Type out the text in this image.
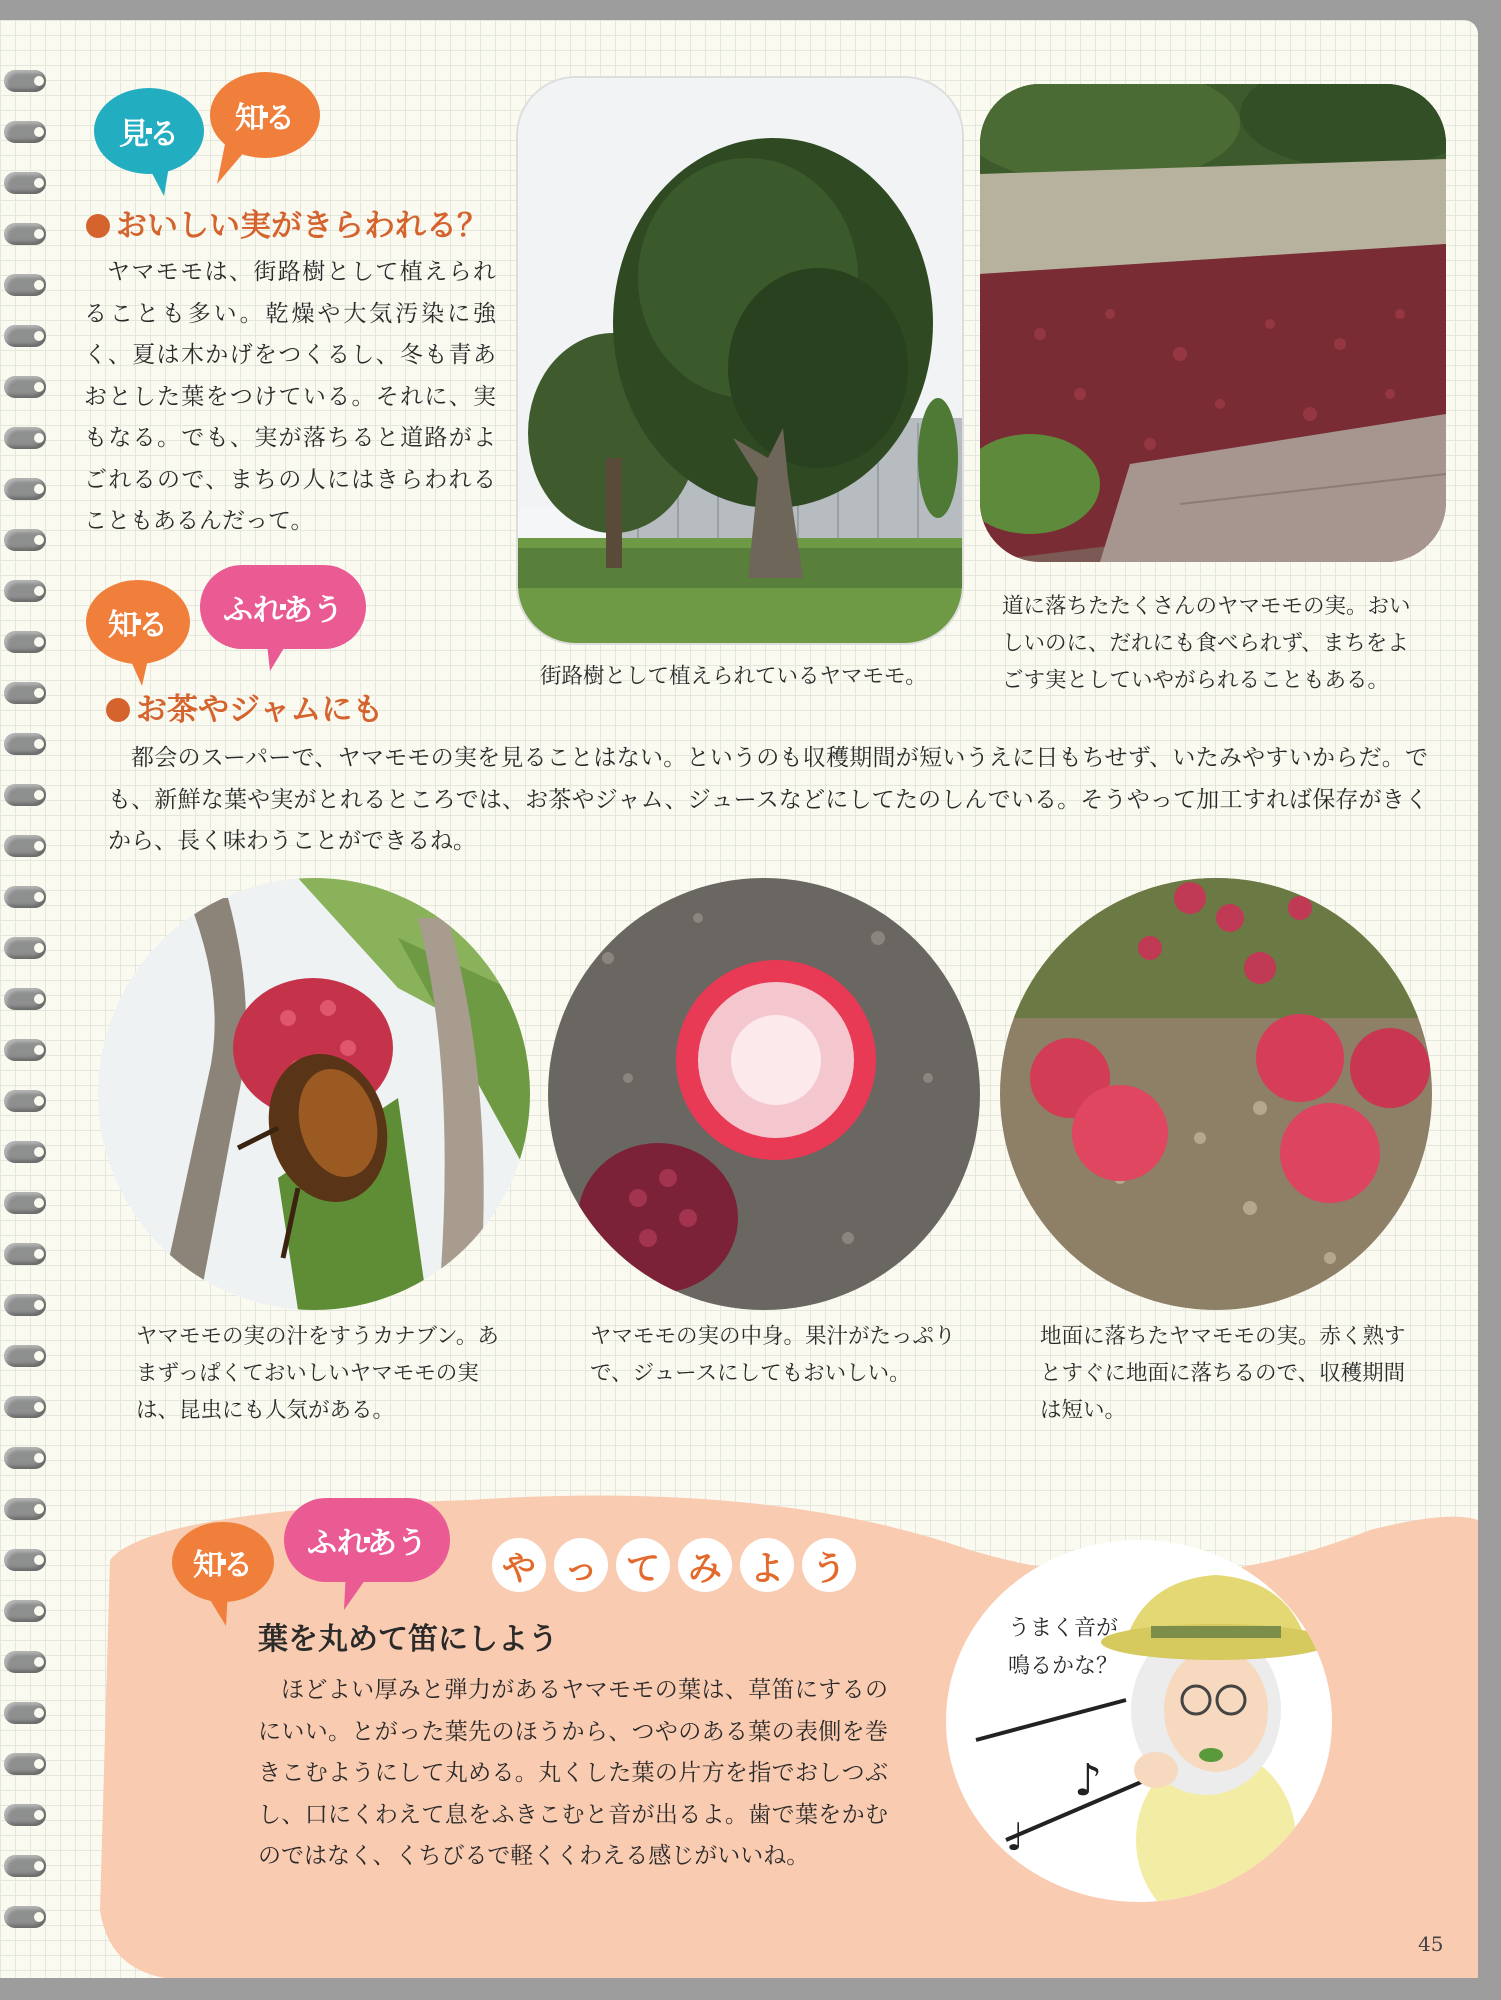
見る 知る
おいしい実がきらわれる？
ヤマモモは、街路樹として植えられることも多い。乾燥や大気汚染に強く、夏は木かげをつくるし、冬も青あおとした葉をつけている。それに、実もなる。でも、実が落ちると道路がよごれるので、まちの人にはきらわれることもあるんだって。
街路樹として植えられているヤマモモ。
道に落ちたたくさんのヤマモモの実。おいしいのに、だれにも食べられず、まちをよごす実としていやがられることもある。
知る ふれあう
お茶やジャムにも
都会のスーパーで、ヤマモモの実を見ることはない。というのも収穫期間が短いうえに日もちせず、いたみやすいからだ。でも、新鮮な葉や実がとれるところでは、お茶やジャム、ジュースなどにしてたのしんでいる。そうやって加工すれば保存がきくから、長く味わうことができるね。
ヤマモモの実の汁をすうカナブン。あまずっぱくておいしいヤマモモの実は、昆虫にも人気がある。
ヤマモモの実の中身。果汁がたっぷりで、ジュースにしてもおいしい。
地面に落ちたヤマモモの実。赤く熟すとすぐに地面に落ちるので、収穫期間は短い。
知る
ふれあう
や っ て み よ う
葉を丸めて笛にしよう
ほどよい厚みと弾力があるヤマモモの葉は、草笛にするのにいい。とがった葉先のほうから、つやのある葉の表側を巻きこむようにして丸める。丸くした葉の片方を指でおしつぶし、口にくわえて息をふきこむと音が出るよ。歯で葉をかむのではなく、くちびるで軽くくわえる感じがいいね。
うまく音が鳴るかな？
♪
♩
45
